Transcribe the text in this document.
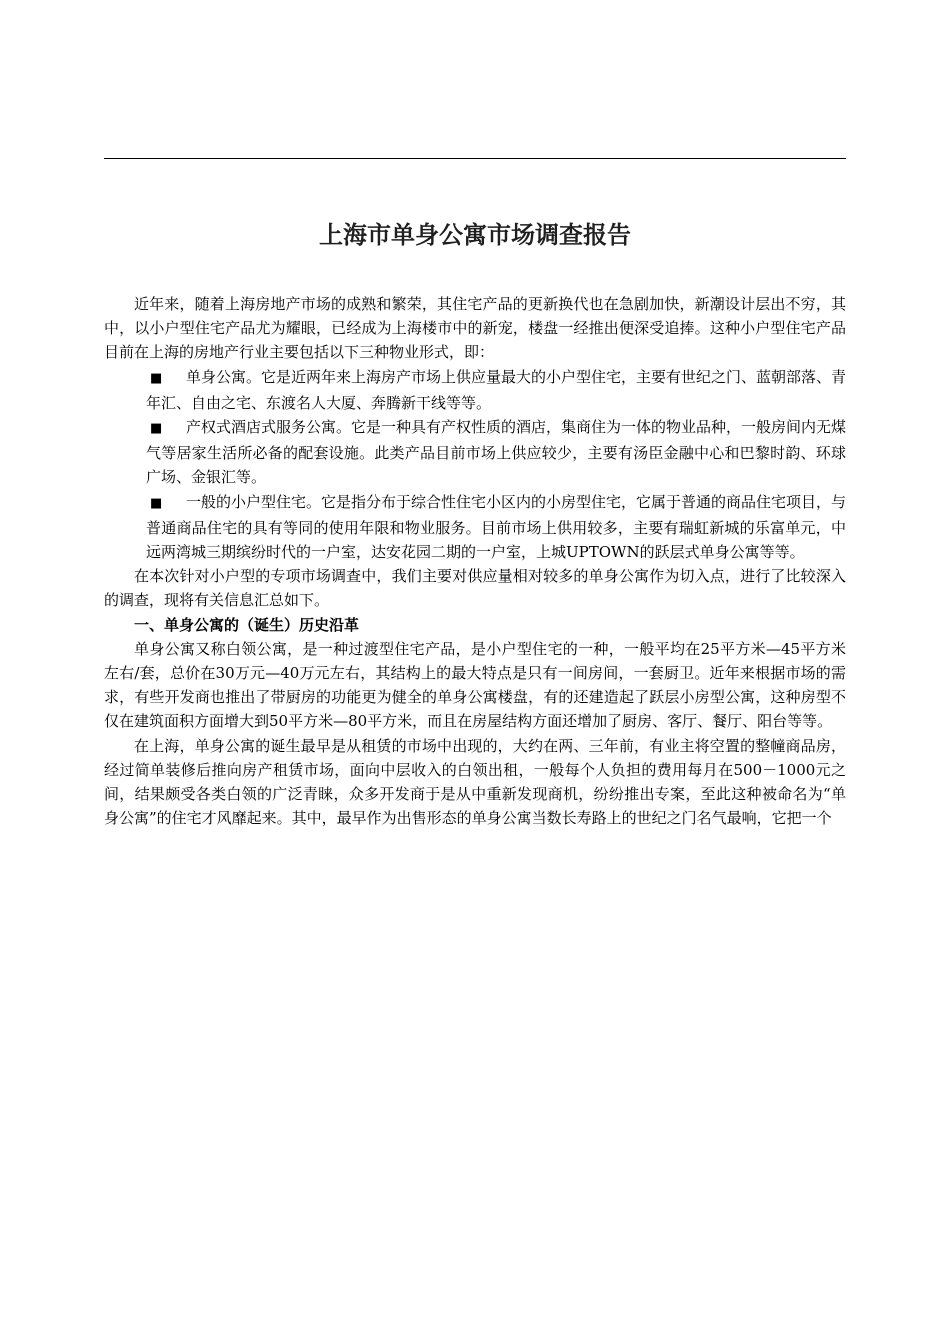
上海市单身公寓市场调查报告

近年来，随着上海房地产市场的成熟和繁荣，其住宅产品的更新换代也在急剧加快，新潮设计层出不穷，其中，以小户型住宅产品尤为耀眼，已经成为上海楼市中的新宠，楼盘一经推出便深受追捧。这种小户型住宅产品目前在上海的房地产行业主要包括以下三种物业形式，即：

■ 单身公寓。它是近两年来上海房产市场上供应量最大的小户型住宅，主要有世纪之门、蓝朝部落、青年汇、自由之宅、东渡名人大厦、奔腾新干线等等。

■ 产权式酒店式服务公寓。它是一种具有产权性质的酒店，集商住为一体的物业品种，一般房间内无煤气等居家生活所必备的配套设施。此类产品目前市场上供应较少，主要有汤臣金融中心和巴黎时韵、环球广场、金银汇等。

■ 一般的小户型住宅。它是指分布于综合性住宅小区内的小房型住宅，它属于普通的商品住宅项目，与普通商品住宅的具有等同的使用年限和物业服务。目前市场上供用较多，主要有瑞虹新城的乐富单元，中远两湾城三期缤纷时代的一户室，达安花园二期的一户室，上城UPTOWN的跃层式单身公寓等等。

在本次针对小户型的专项市场调查中，我们主要对供应量相对较多的单身公寓作为切入点，进行了比较深入的调查，现将有关信息汇总如下。

一、单身公寓的（诞生）历史沿革

单身公寓又称白领公寓，是一种过渡型住宅产品，是小户型住宅的一种，一般平均在25平方米—45平方米左右/套，总价在30万元—40万元左右，其结构上的最大特点是只有一间房间，一套厨卫。近年来根据市场的需求，有些开发商也推出了带厨房的功能更为健全的单身公寓楼盘，有的还建造起了跃层小房型公寓，这种房型不仅在建筑面积方面增大到50平方米—80平方米，而且在房屋结构方面还增加了厨房、客厅、餐厅、阳台等等。

在上海，单身公寓的诞生最早是从租赁的市场中出现的，大约在两、三年前，有业主将空置的整幢商品房，经过简单装修后推向房产租赁市场，面向中层收入的白领出租，一般每个人负担的费用每月在500－1000元之间，结果颇受各类白领的广泛青睐，众多开发商于是从中重新发现商机，纷纷推出专案，至此这种被命名为“单身公寓”的住宅才风靡起来。其中，最早作为出售形态的单身公寓当数长寿路上的世纪之门名气最响，它把一个
